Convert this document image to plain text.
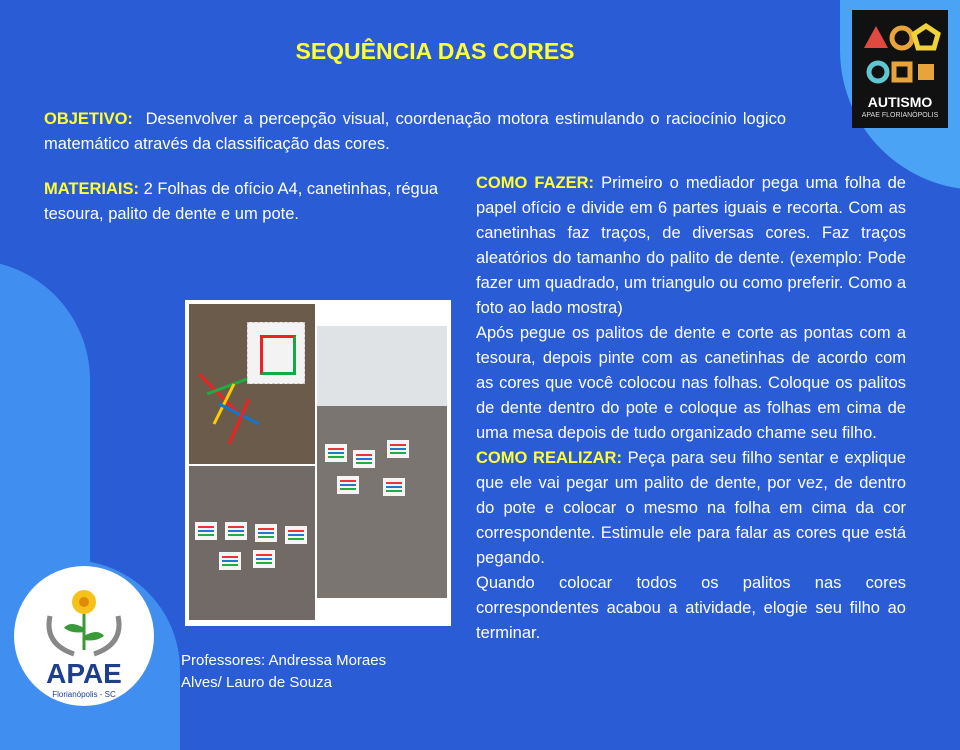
SEQUÊNCIA DAS CORES
OBJETIVO: Desenvolver a percepção visual, coordenação motora estimulando o raciocínio logico matemático através da classificação das cores.
MATERIAIS: 2 Folhas de ofício A4, canetinhas, régua tesoura, palito de dente e um pote.
COMO FAZER: Primeiro o mediador pega uma folha de papel ofício e divide em 6 partes iguais e recorta. Com as canetinhas faz traços, de diversas cores. Faz traços aleatórios do tamanho do palito de dente. (exemplo: Pode fazer um quadrado, um triangulo ou como preferir. Como a foto ao lado mostra)
Após pegue os palitos de dente e corte as pontas com a tesoura, depois pinte com as canetinhas de acordo com as cores que você colocou nas folhas. Coloque os palitos de dente dentro do pote e coloque as folhas em cima de uma mesa depois de tudo organizado chame seu filho.
COMO REALIZAR: Peça para seu filho sentar e explique que ele vai pegar um palito de dente, por vez, de dentro do pote e colocar o mesmo na folha em cima da cor correspondente. Estimule ele para falar as cores que está pegando.
Quando colocar todos os palitos nas cores correspondentes acabou a atividade, elogie seu filho ao terminar.
Professores: Andressa Moraes
Alves/ Lauro de Souza
AUTISMO
APAE FLORIANÓPOLIS
APAE
Florianópolis - SC
